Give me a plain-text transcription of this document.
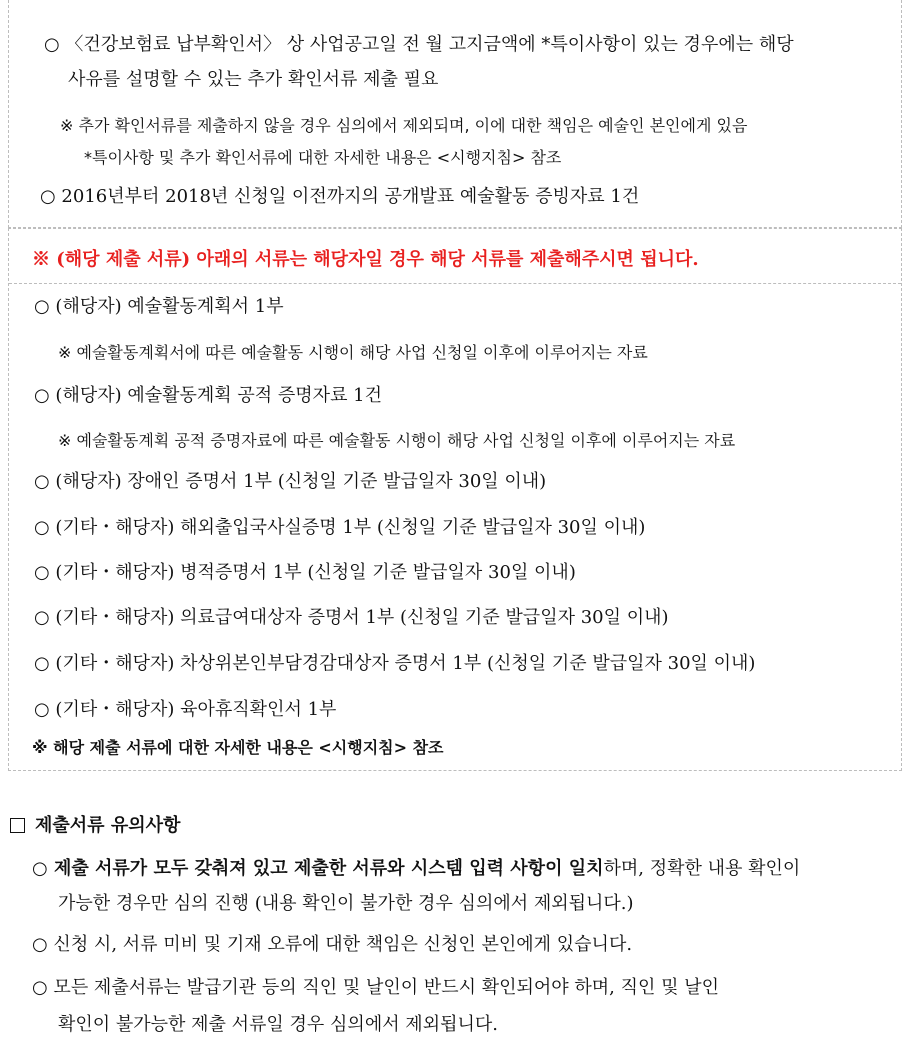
○ 〈건강보험료 납부확인서〉 상 사업공고일 전 월 고지금액에 *특이사항이 있는 경우에는 해당
사유를 설명할 수 있는 추가 확인서류 제출 필요
※ 추가 확인서류를 제출하지 않을 경우 심의에서 제외되며, 이에 대한 책임은 예술인 본인에게 있음
*특이사항 및 추가 확인서류에 대한 자세한 내용은 <시행지침> 참조
○ 2016년부터 2018년 신청일 이전까지의 공개발표 예술활동 증빙자료 1건
※ (해당 제출 서류) 아래의 서류는 해당자일 경우 해당 서류를 제출해주시면 됩니다.
○ (해당자) 예술활동계획서 1부
※ 예술활동계획서에 따른 예술활동 시행이 해당 사업 신청일 이후에 이루어지는 자료
○ (해당자) 예술활동계획 공적 증명자료 1건
※ 예술활동계획 공적 증명자료에 따른 예술활동 시행이 해당 사업 신청일 이후에 이루어지는 자료
○ (해당자) 장애인 증명서 1부 (신청일 기준 발급일자 30일 이내)
○ (기타・해당자) 해외출입국사실증명 1부 (신청일 기준 발급일자 30일 이내)
○ (기타・해당자) 병적증명서 1부 (신청일 기준 발급일자 30일 이내)
○ (기타・해당자) 의료급여대상자 증명서 1부 (신청일 기준 발급일자 30일 이내)
○ (기타・해당자) 차상위본인부담경감대상자 증명서 1부 (신청일 기준 발급일자 30일 이내)
○ (기타・해당자) 육아휴직확인서 1부
※ 해당 제출 서류에 대한 자세한 내용은 <시행지침> 참조
제출서류 유의사항
○ 제출 서류가 모두 갖춰져 있고 제출한 서류와 시스템 입력 사항이 일치하며, 정확한 내용 확인이
가능한 경우만 심의 진행 (내용 확인이 불가한 경우 심의에서 제외됩니다.)
○ 신청 시, 서류 미비 및 기재 오류에 대한 책임은 신청인 본인에게 있습니다.
○ 모든 제출서류는 발급기관 등의 직인 및 날인이 반드시 확인되어야 하며, 직인 및 날인
확인이 불가능한 제출 서류일 경우 심의에서 제외됩니다.
